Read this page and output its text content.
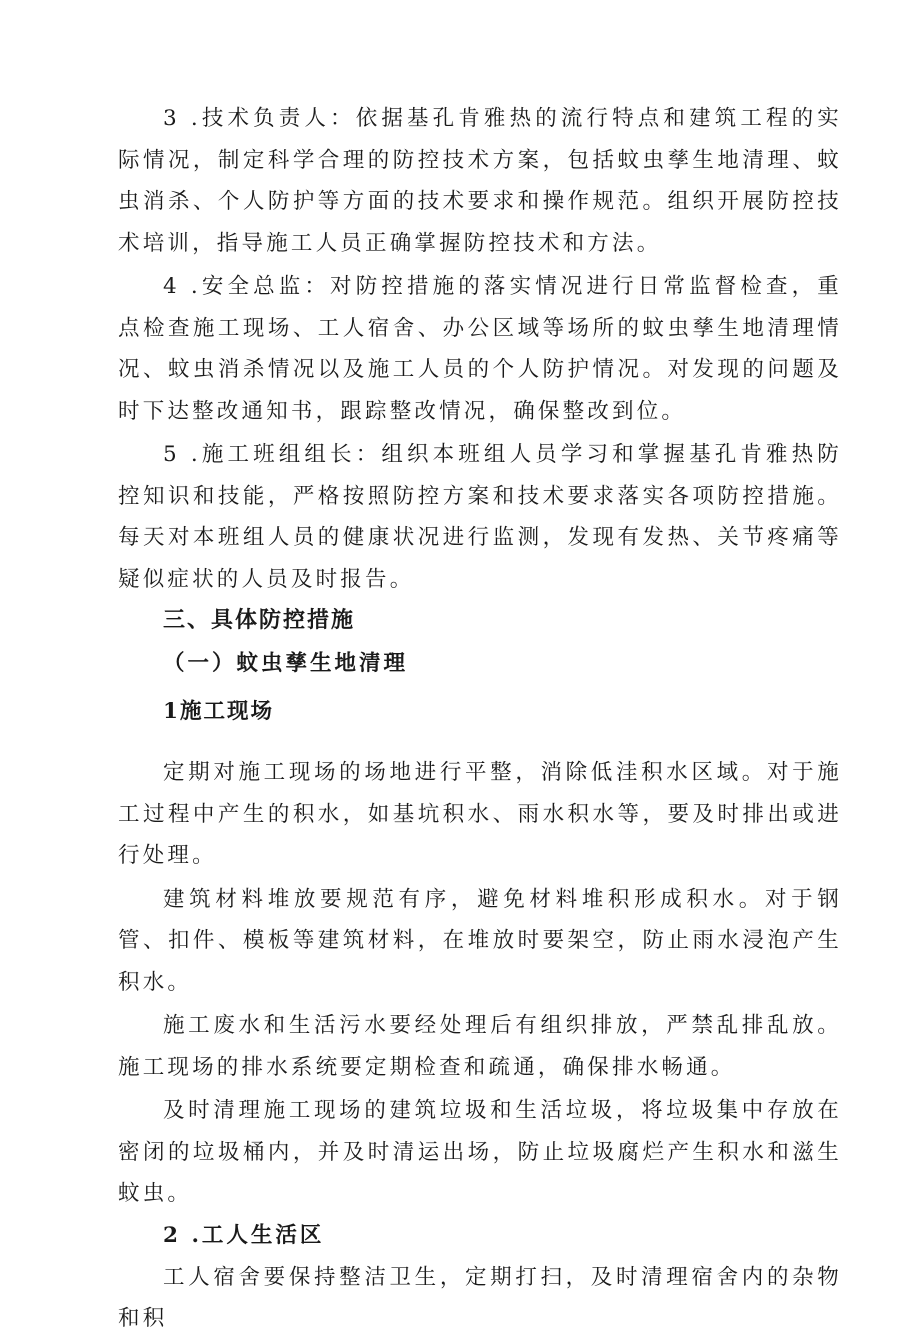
3 .技术负责人：依据基孔肯雅热的流行特点和建筑工程的实际情况，制定科学合理的防控技术方案，包括蚊虫孳生地清理、蚊虫消杀、个人防护等方面的技术要求和操作规范。组织开展防控技术培训，指导施工人员正确掌握防控技术和方法。

4 .安全总监：对防控措施的落实情况进行日常监督检查，重点检查施工现场、工人宿舍、办公区域等场所的蚊虫孳生地清理情况、蚊虫消杀情况以及施工人员的个人防护情况。对发现的问题及时下达整改通知书，跟踪整改情况，确保整改到位。

5 .施工班组组长：组织本班组人员学习和掌握基孔肯雅热防控知识和技能，严格按照防控方案和技术要求落实各项防控措施。每天对本班组人员的健康状况进行监测，发现有发热、关节疼痛等疑似症状的人员及时报告。

三、具体防控措施
（一）蚊虫孳生地清理
1施工现场

定期对施工现场的场地进行平整，消除低洼积水区域。对于施工过程中产生的积水，如基坑积水、雨水积水等，要及时排出或进行处理。

建筑材料堆放要规范有序，避免材料堆积形成积水。对于钢管、扣件、模板等建筑材料，在堆放时要架空，防止雨水浸泡产生积水。

施工废水和生活污水要经处理后有组织排放，严禁乱排乱放。施工现场的排水系统要定期检查和疏通，确保排水畅通。

及时清理施工现场的建筑垃圾和生活垃圾，将垃圾集中存放在密闭的垃圾桶内，并及时清运出场，防止垃圾腐烂产生积水和滋生蚊虫。

2 .工人生活区

工人宿舍要保持整洁卫生，定期打扫，及时清理宿舍内的杂物和积
